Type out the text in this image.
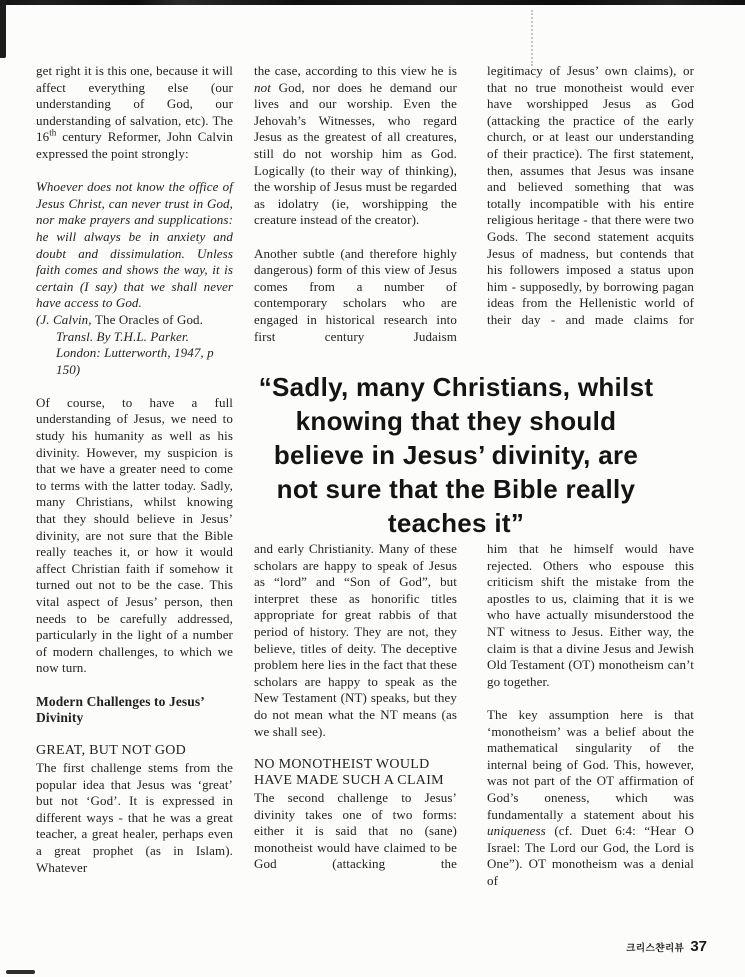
get right it is this one, because it will affect everything else (our understanding of God, our understanding of salvation, etc). The 16th century Reformer, John Calvin expressed the point strongly:

Whoever does not know the office of Jesus Christ, can never trust in God, nor make prayers and supplications: he will always be in anxiety and doubt and dissimulation. Unless faith comes and shows the way, it is certain (I say) that we shall never have access to God.

(J. Calvin, The Oracles of God. Transl. By T.H.L. Parker. London: Lutterworth, 1947, p 150)

Of course, to have a full understanding of Jesus, we need to study his humanity as well as his divinity. However, my suspicion is that we have a greater need to come to terms with the latter today. Sadly, many Christians, whilst knowing that they should believe in Jesus’ divinity, are not sure that the Bible really teaches it, or how it would affect Christian faith if somehow it turned out not to be the case. This vital aspect of Jesus’ person, then needs to be carefully addressed, particularly in the light of a number of modern challenges, to which we now turn.

Modern Challenges to Jesus’ Divinity
GREAT, BUT NOT GOD

The first challenge stems from the popular idea that Jesus was ‘great’ but not ‘God’. It is expressed in different ways - that he was a great teacher, a great healer, perhaps even a great prophet (as in Islam). Whatever

the case, according to this view he is not God, nor does he demand our lives and our worship. Even the Jehovah’s Witnesses, who regard Jesus as the greatest of all creatures, still do not worship him as God. Logically (to their way of thinking), the worship of Jesus must be regarded as idolatry (ie, worshipping the creature instead of the creator).

Another subtle (and therefore highly dangerous) form of this view of Jesus comes from a number of contemporary scholars who are engaged in historical research into first century Judaism

legitimacy of Jesus’ own claims), or that no true monotheist would ever have worshipped Jesus as God (attacking the practice of the early church, or at least our understanding of their practice). The first statement, then, assumes that Jesus was insane and believed something that was totally incompatible with his entire religious heritage - that there were two Gods. The second statement acquits Jesus of madness, but contends that his followers imposed a status upon him - supposedly, by borrowing pagan ideas from the Hellenistic world of their day - and made claims for

“Sadly, many Christians, whilst
knowing that they should
believe in Jesus’ divinity, are
not sure that the Bible really
teaches it”

and early Christianity. Many of these scholars are happy to speak of Jesus as “lord” and “Son of God”, but interpret these as honorific titles appropriate for great rabbis of that period of history. They are not, they believe, titles of deity. The deceptive problem here lies in the fact that these scholars are happy to speak as the New Testament (NT) speaks, but they do not mean what the NT means (as we shall see).

NO MONOTHEIST WOULD HAVE MADE SUCH A CLAIM

The second challenge to Jesus’ divinity takes one of two forms: either it is said that no (sane) monotheist would have claimed to be God (attacking the

him that he himself would have rejected. Others who espouse this criticism shift the mistake from the apostles to us, claiming that it is we who have actually misunderstood the NT witness to Jesus. Either way, the claim is that a divine Jesus and Jewish Old Testament (OT) monotheism can’t go together.

The key assumption here is that ‘monotheism’ was a belief about the mathematical singularity of the internal being of God. This, however, was not part of the OT affirmation of God’s oneness, which was fundamentally a statement about his uniqueness (cf. Duet 6:4: “Hear O Israel: The Lord our God, the Lord is One”). OT monotheism was a denial of

크리스챤리뷰 37
